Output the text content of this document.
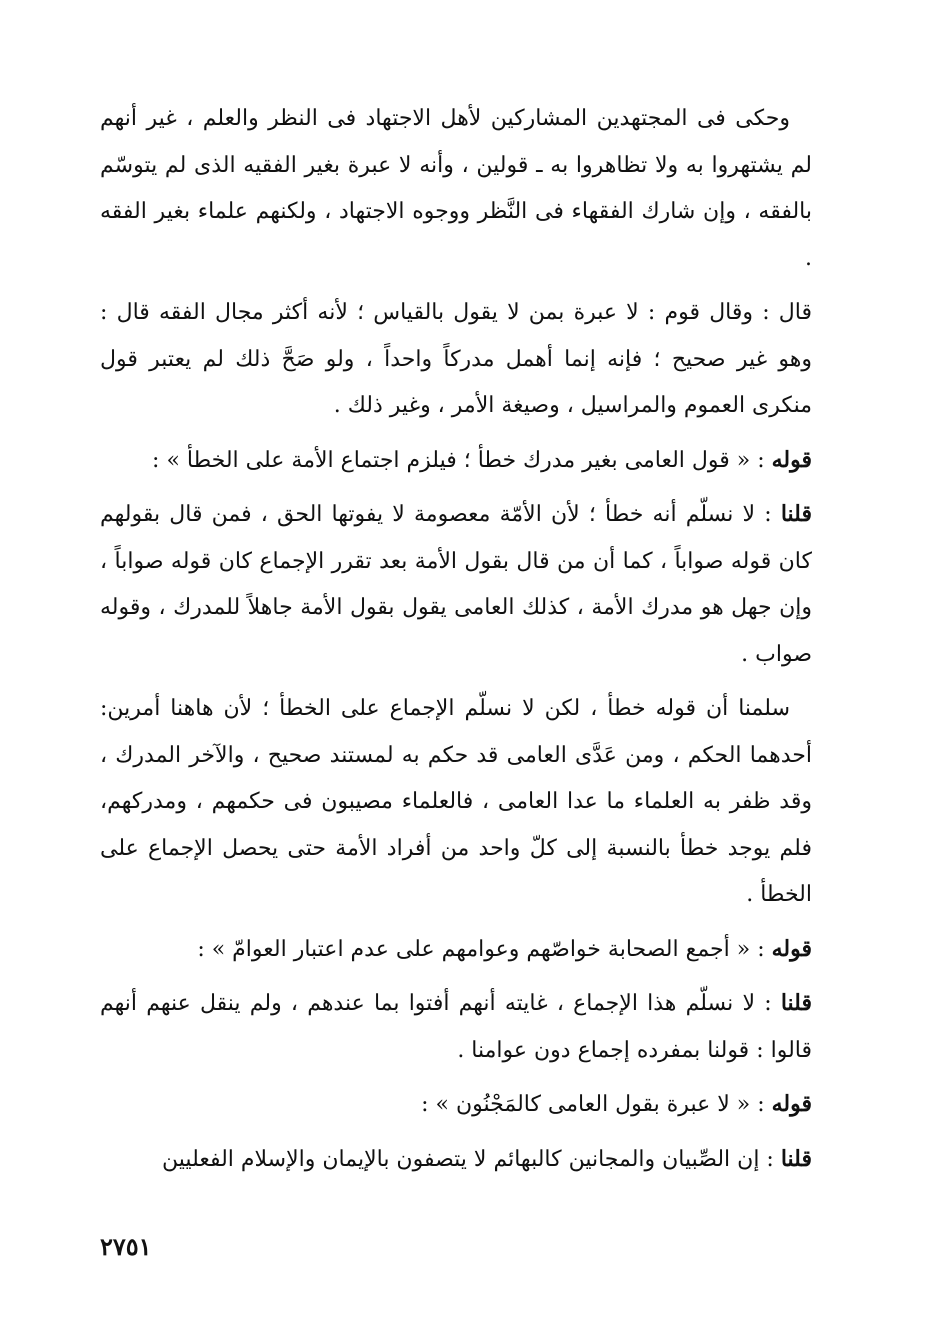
وحكى فى المجتهدين المشاركين لأهل الاجتهاد فى النظر والعلم ، غير أنهم لم يشتهروا به ولا تظاهروا به ـ قولين ، وأنه لا عبرة بغير الفقيه الذى لم يتوسّم بالفقه ، وإن شارك الفقهاء فى النَّظر ووجوه الاجتهاد ، ولكنهم علماء بغير الفقه .

قال : وقال قوم : لا عبرة بمن لا يقول بالقياس ؛ لأنه أكثر مجال الفقه قال : وهو غير صحيح ؛ فإنه إنما أهمل مدركاً واحداً ، ولو صَحَّ ذلك لم يعتبر قول منكرى العموم والمراسيل ، وصيغة الأمر ، وغير ذلك .

قوله : « قول العامى بغير مدرك خطأ ؛ فيلزم اجتماع الأمة على الخطأ » :

قلنا : لا نسلّم أنه خطأ ؛ لأن الأمّة معصومة لا يفوتها الحق ، فمن قال بقولهم كان قوله صواباً ، كما أن من قال بقول الأمة بعد تقرر الإجماع كان قوله صواباً ، وإن جهل هو مدرك الأمة ، كذلك العامى يقول بقول الأمة جاهلاً للمدرك ، وقوله صواب .

سلمنا أن قوله خطأ ، لكن لا نسلّم الإجماع على الخطأ ؛ لأن هاهنا أمرين: أحدهما الحكم ، ومن عَدَّى العامى قد حكم به لمستند صحيح ، والآخر المدرك ، وقد ظفر به العلماء ما عدا العامى ، فالعلماء مصيبون فى حكمهم ، ومدركهم، فلم يوجد خطأ بالنسبة إلى كلّ واحد من أفراد الأمة حتى يحصل الإجماع على الخطأ .

قوله : « أجمع الصحابة خواصّهم وعوامهم على عدم اعتبار العوامّ » :

قلنا : لا نسلّم هذا الإجماع ، غايته أنهم أفتوا بما عندهم ، ولم ينقل عنهم أنهم قالوا : قولنا بمفرده إجماع دون عوامنا .

قوله : « لا عبرة بقول العامى كالمَجْنُون » :

قلنا : إن الصِّبيان والمجانين كالبهائم لا يتصفون بالإيمان والإسلام الفعليين

٢٧٥١
